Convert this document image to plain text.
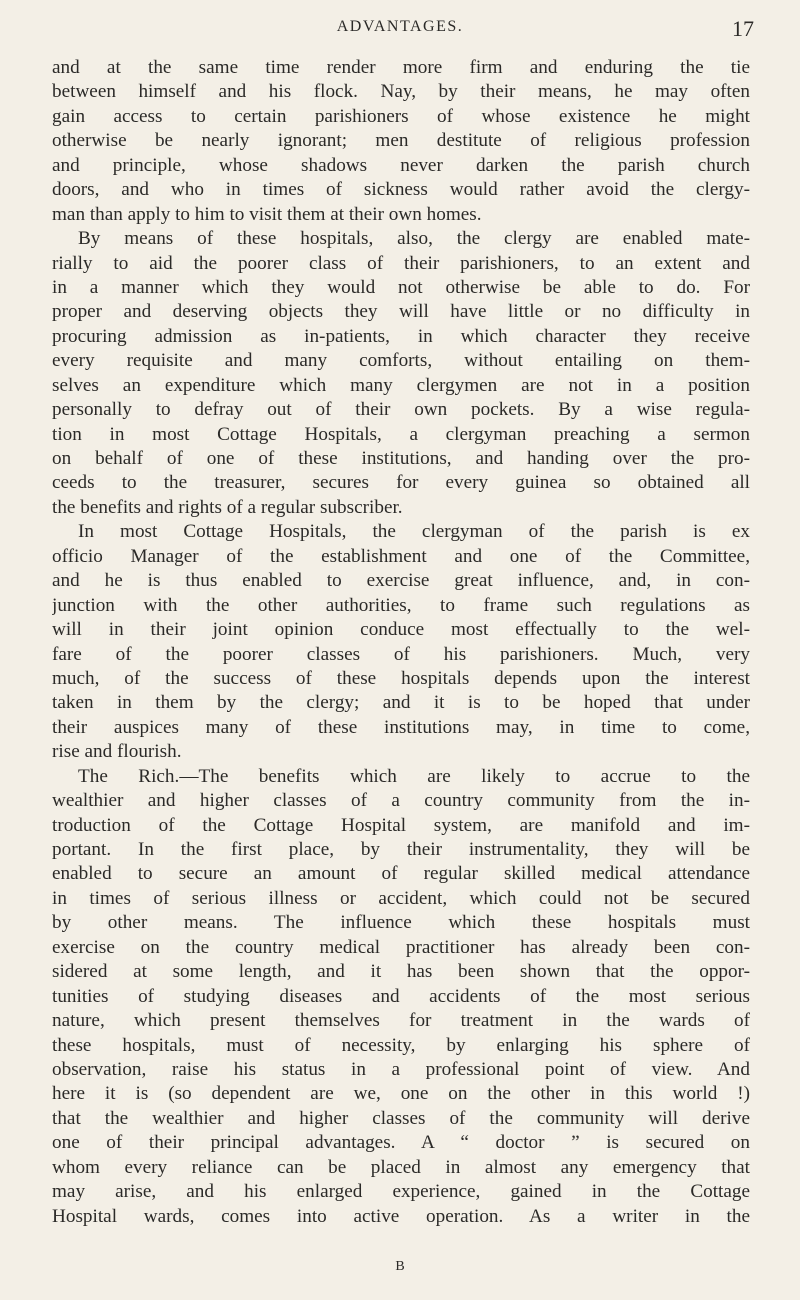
ADVANTAGES.	17
and at the same time render more firm and enduring the tie
between himself and his flock. Nay, by their means, he may often
gain access to certain parishioners of whose existence he might
otherwise be nearly ignorant; men destitute of religious profession
and principle, whose shadows never darken the parish church
doors, and who in times of sickness would rather avoid the clergy-
man than apply to him to visit them at their own homes.
By means of these hospitals, also, the clergy are enabled mate-
rially to aid the poorer class of their parishioners, to an extent and
in a manner which they would not otherwise be able to do. For
proper and deserving objects they will have little or no difficulty in
procuring admission as in-patients, in which character they receive
every requisite and many comforts, without entailing on them-
selves an expenditure which many clergymen are not in a position
personally to defray out of their own pockets. By a wise regula-
tion in most Cottage Hospitals, a clergyman preaching a sermon
on behalf of one of these institutions, and handing over the pro-
ceeds to the treasurer, secures for every guinea so obtained all
the benefits and rights of a regular subscriber.
In most Cottage Hospitals, the clergyman of the parish is ex
officio Manager of the establishment and one of the Committee,
and he is thus enabled to exercise great influence, and, in con-
junction with the other authorities, to frame such regulations as
will in their joint opinion conduce most effectually to the wel-
fare of the poorer classes of his parishioners. Much, very
much, of the success of these hospitals depends upon the interest
taken in them by the clergy; and it is to be hoped that under
their auspices many of these institutions may, in time to come,
rise and flourish.
The Rich.—The benefits which are likely to accrue to the
wealthier and higher classes of a country community from the in-
troduction of the Cottage Hospital system, are manifold and im-
portant. In the first place, by their instrumentality, they will be
enabled to secure an amount of regular skilled medical attendance
in times of serious illness or accident, which could not be secured
by other means. The influence which these hospitals must
exercise on the country medical practitioner has already been con-
sidered at some length, and it has been shown that the oppor-
tunities of studying diseases and accidents of the most serious
nature, which present themselves for treatment in the wards of
these hospitals, must of necessity, by enlarging his sphere of
observation, raise his status in a professional point of view. And
here it is (so dependent are we, one on the other in this world !)
that the wealthier and higher classes of the community will derive
one of their principal advantages. A “ doctor ” is secured on
whom every reliance can be placed in almost any emergency that
may arise, and his enlarged experience, gained in the Cottage
Hospital wards, comes into active operation. As a writer in the
B
